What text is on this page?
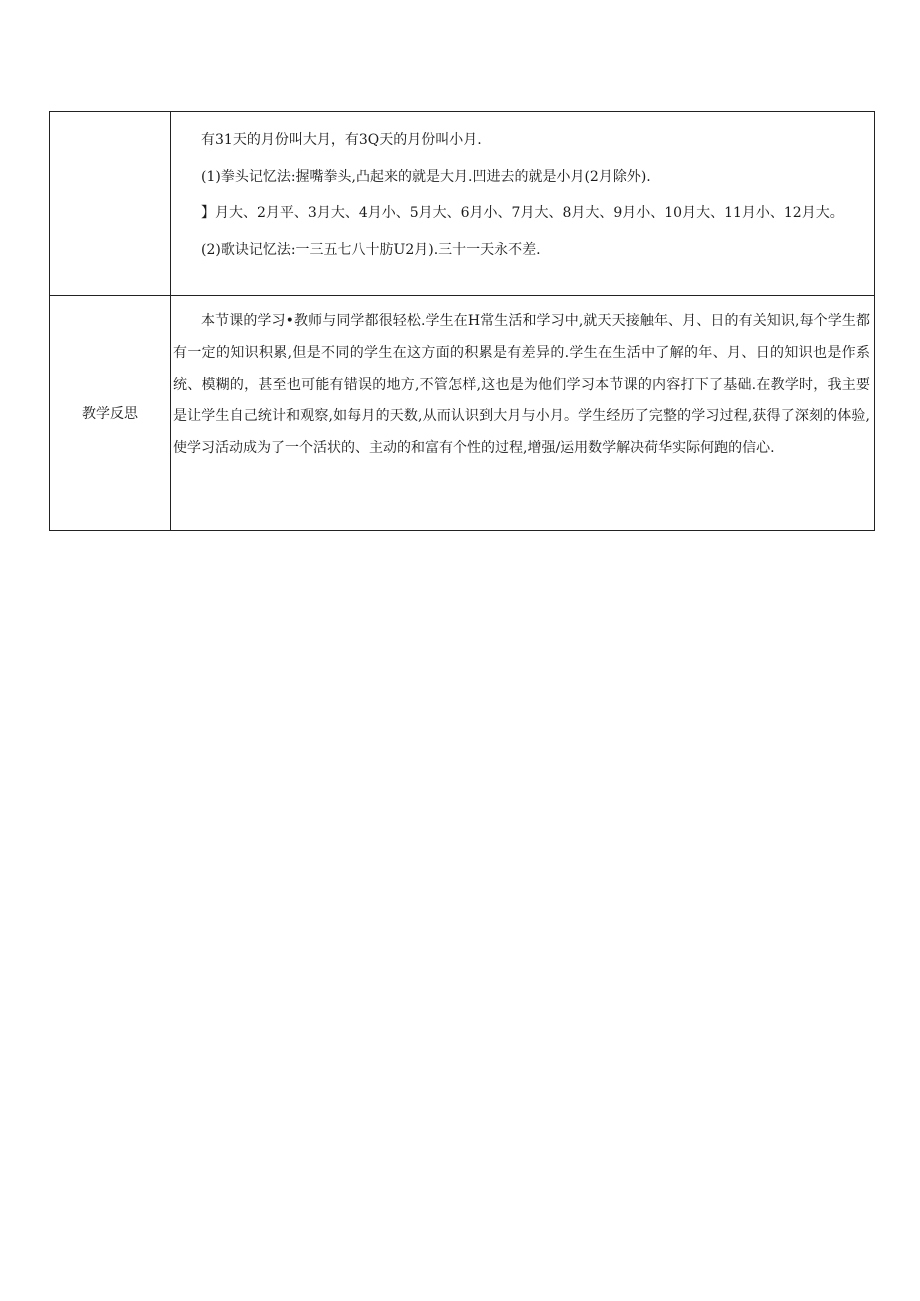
	有31天的月份叫大月，有3Q天的月份叫小月.

(1)拳头记忆法:握嘴拳头,凸起来的就是大月.凹进去的就是小月(2月除外).

】月大、2月平、3月大、4月小、5月大、6月小、7月大、8月大、9月小、10月大、11月小、12月大。

(2)歌诀记忆法:一三五七八十肪U2月).三十一天永不差.

教学反思	本节课的学习•教师与同学都很轻松.学生在H常生活和学习中,就天天接触年、月、日的有关知识,每个学生都有一定的知识积累,但是不同的学生在这方面的积累是有差异的.学生在生活中了解的年、月、日的知识也是作系统、模糊的，甚至也可能有错误的地方,不管怎样,这也是为他们学习本节课的内容打下了基础.在教学时，我主要是让学生自己统计和观察,如每月的天数,从而认识到大月与小月。学生经历了完整的学习过程,获得了深刻的体验,使学习活动成为了一个活状的、主动的和富有个性的过程,增强/运用数学解决荷华实际何跑的信心.
